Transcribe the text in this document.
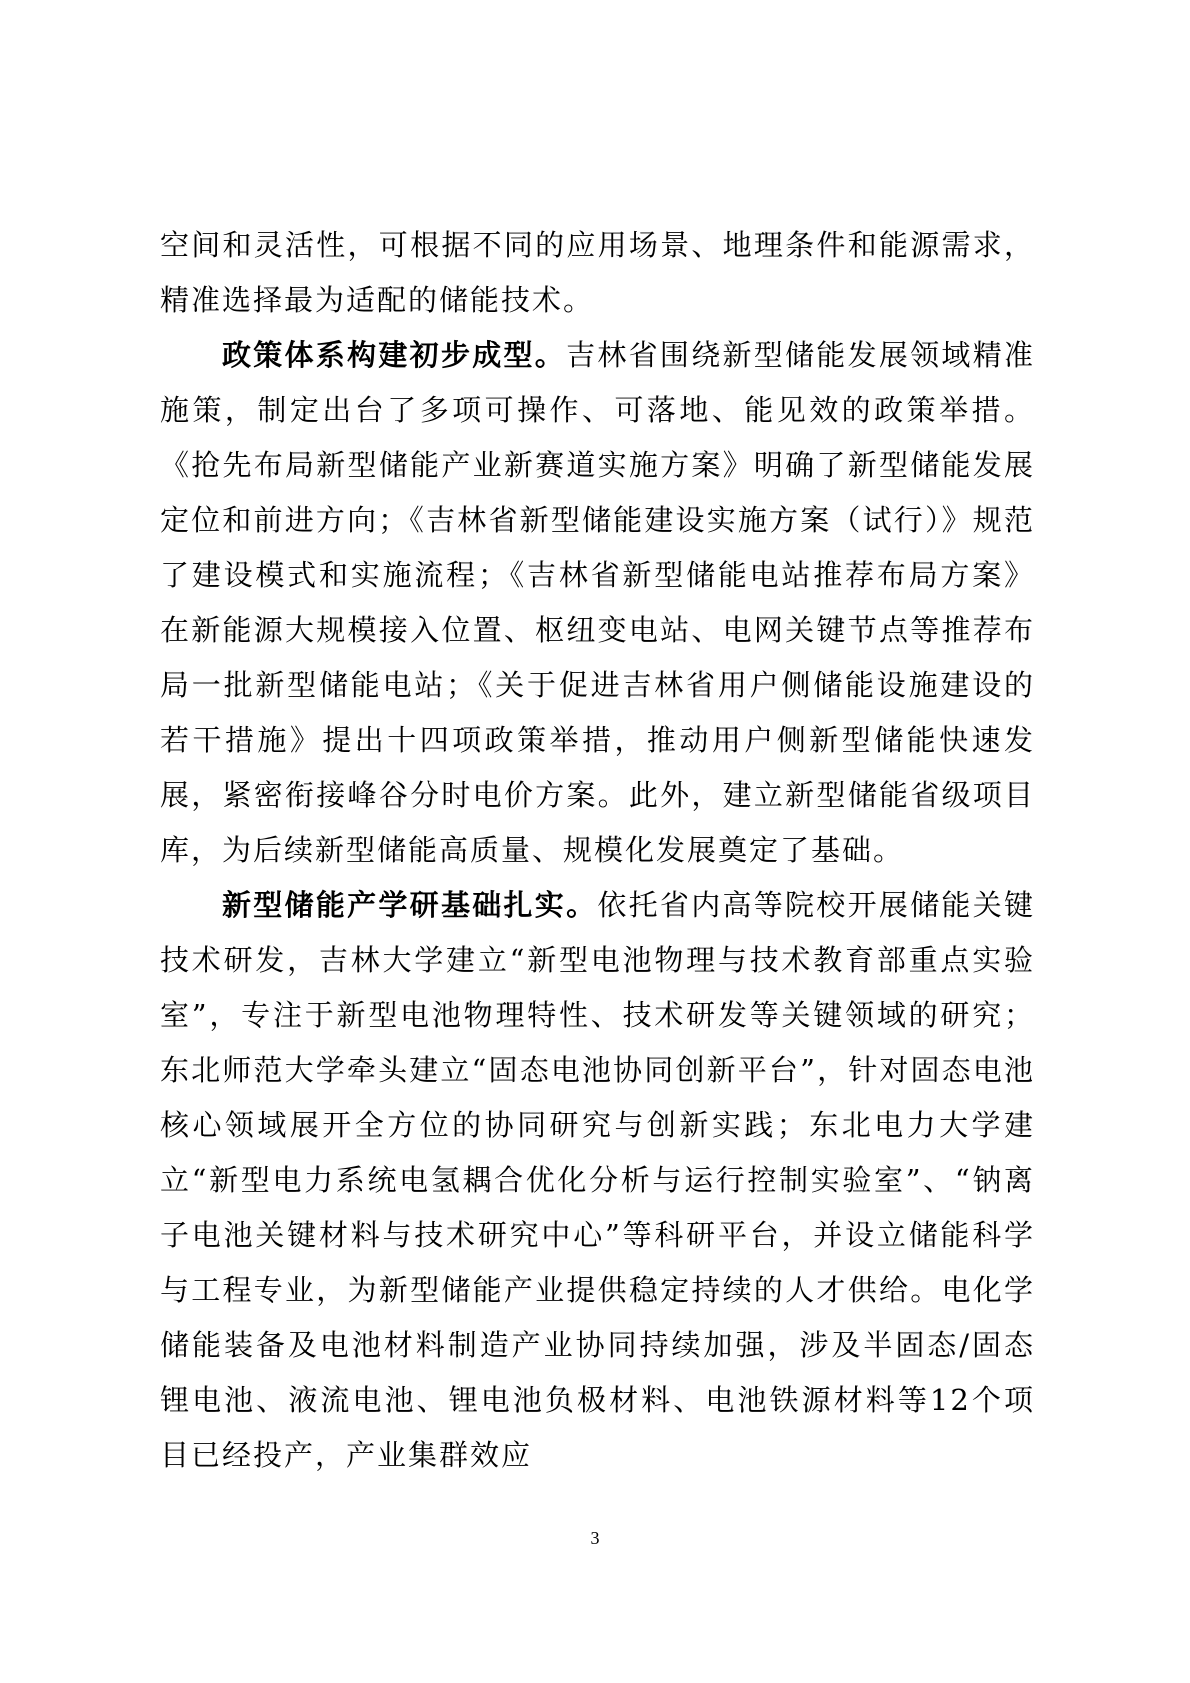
空间和灵活性，可根据不同的应用场景、地理条件和能源需求，精准选择最为适配的储能技术。

政策体系构建初步成型。吉林省围绕新型储能发展领域精准施策，制定出台了多项可操作、可落地、能见效的政策举措。《抢先布局新型储能产业新赛道实施方案》明确了新型储能发展定位和前进方向；《吉林省新型储能建设实施方案（试行）》规范了建设模式和实施流程；《吉林省新型储能电站推荐布局方案》在新能源大规模接入位置、枢纽变电站、电网关键节点等推荐布局一批新型储能电站；《关于促进吉林省用户侧储能设施建设的若干措施》提出十四项政策举措，推动用户侧新型储能快速发展，紧密衔接峰谷分时电价方案。此外，建立新型储能省级项目库，为后续新型储能高质量、规模化发展奠定了基础。

新型储能产学研基础扎实。依托省内高等院校开展储能关键技术研发，吉林大学建立“新型电池物理与技术教育部重点实验室”，专注于新型电池物理特性、技术研发等关键领域的研究；东北师范大学牵头建立“固态电池协同创新平台”，针对固态电池核心领域展开全方位的协同研究与创新实践；东北电力大学建立“新型电力系统电氢耦合优化分析与运行控制实验室”、“钠离子电池关键材料与技术研究中心”等科研平台，并设立储能科学与工程专业，为新型储能产业提供稳定持续的人才供给。电化学储能装备及电池材料制造产业协同持续加强，涉及半固态/固态锂电池、液流电池、锂电池负极材料、电池铁源材料等12个项目已经投产，产业集群效应

3
